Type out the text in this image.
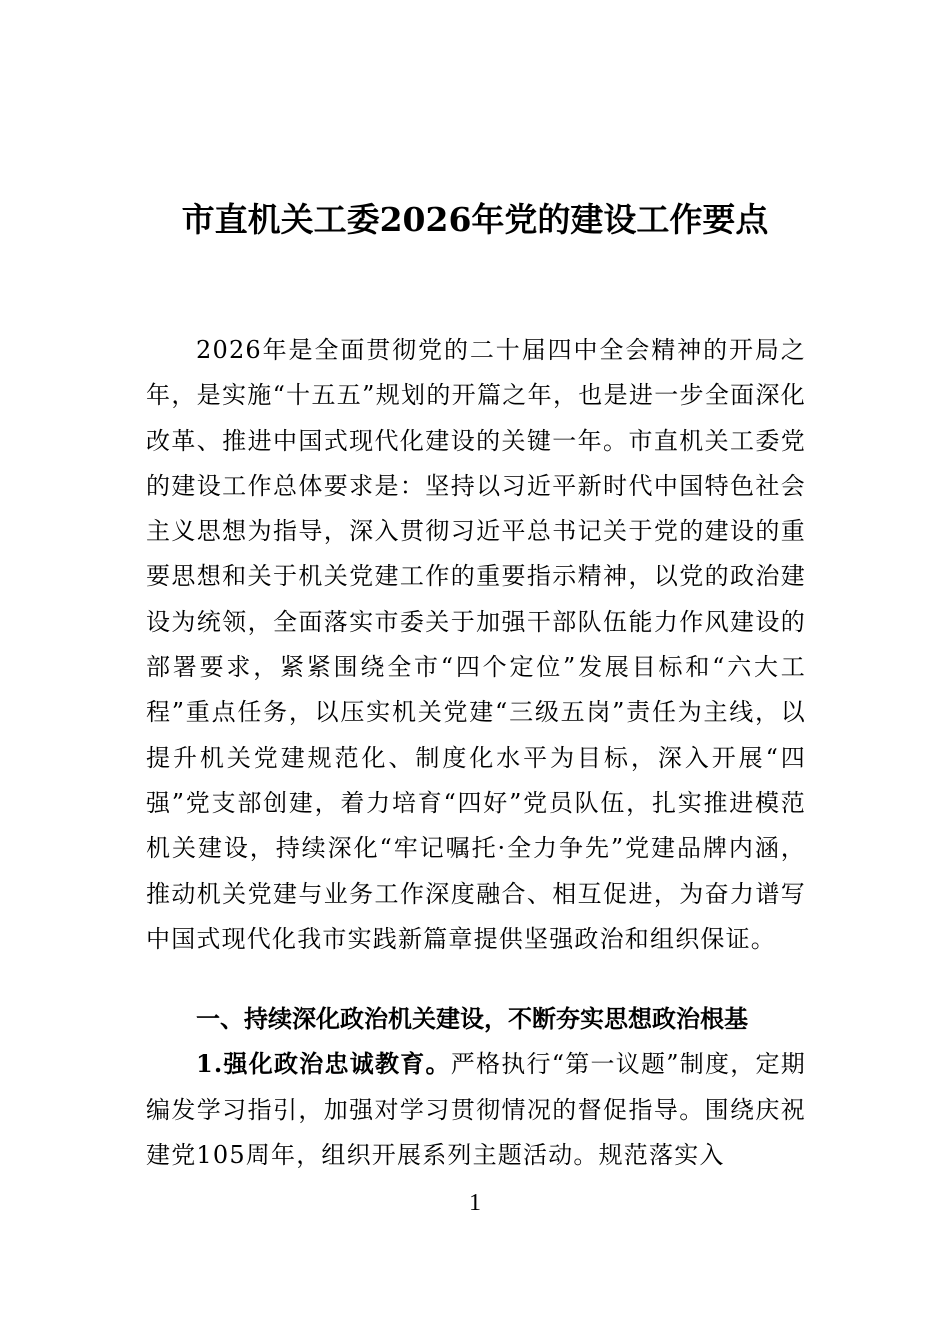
市直机关工委2026年党的建设工作要点

2026年是全面贯彻党的二十届四中全会精神的开局之年，是实施“十五五”规划的开篇之年，也是进一步全面深化改革、推进中国式现代化建设的关键一年。市直机关工委党的建设工作总体要求是：坚持以习近平新时代中国特色社会主义思想为指导，深入贯彻习近平总书记关于党的建设的重要思想和关于机关党建工作的重要指示精神，以党的政治建设为统领，全面落实市委关于加强干部队伍能力作风建设的部署要求，紧紧围绕全市“四个定位”发展目标和“六大工程”重点任务，以压实机关党建“三级五岗”责任为主线，以提升机关党建规范化、制度化水平为目标，深入开展“四强”党支部创建，着力培育“四好”党员队伍，扎实推进模范机关建设，持续深化“牢记嘱托·全力争先”党建品牌内涵，推动机关党建与业务工作深度融合、相互促进，为奋力谱写中国式现代化我市实践新篇章提供坚强政治和组织保证。

一、持续深化政治机关建设，不断夯实思想政治根基

1.强化政治忠诚教育。严格执行“第一议题”制度，定期编发学习指引，加强对学习贯彻情况的督促指导。围绕庆祝建党105周年，组织开展系列主题活动。规范落实入

1
